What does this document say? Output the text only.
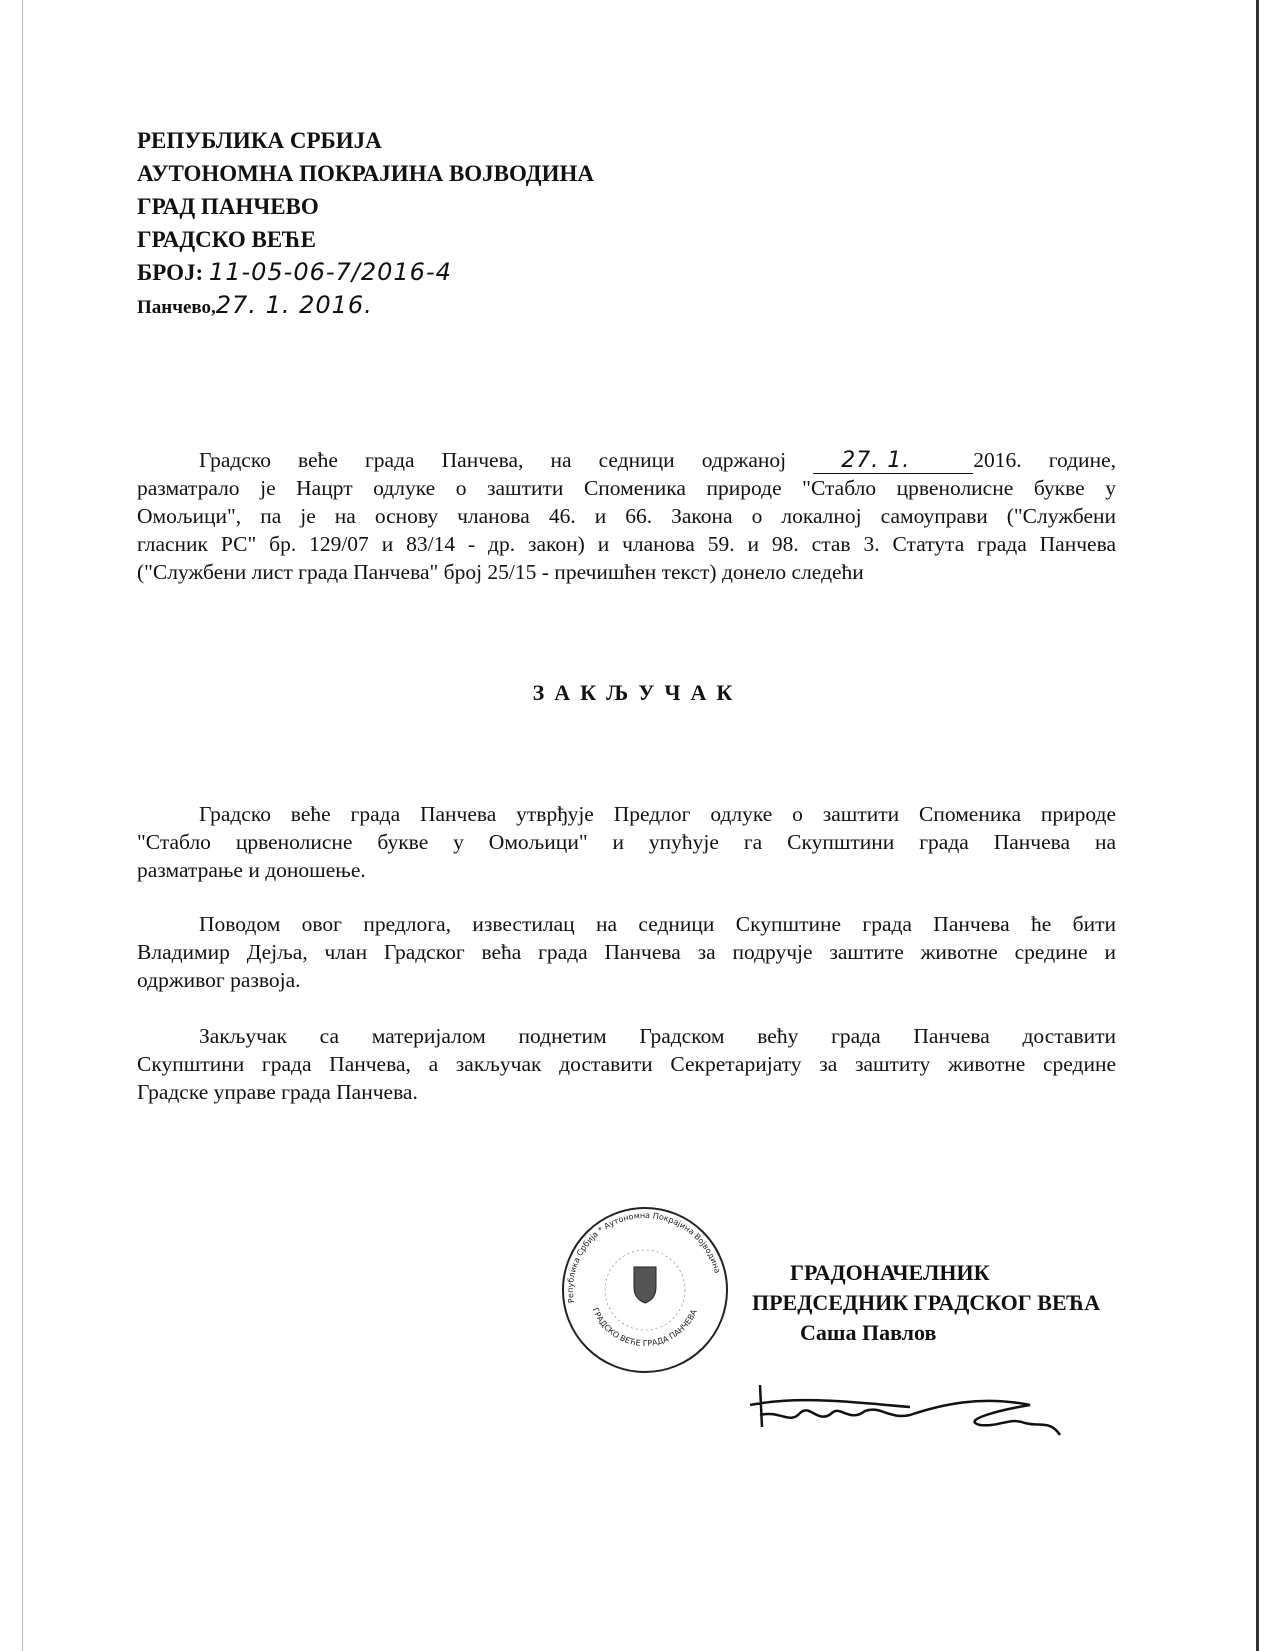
РЕПУБЛИКА СРБИЈА
АУТОНОМНА ПОКРАЈИНА ВОЈВОДИНА
ГРАД ПАНЧЕВО
ГРАДСКО ВЕЋЕ
БРОЈ: 11-05-06-7/2016-4
Панчево,27. 1. 2016.
Градско веће града Панчева, на седници одржаној	27. 1.	2016. године,
разматрало је Нацрт одлуке о заштити Споменика природе "Стабло црвенолисне букве у
Омољици", па је на основу чланова 46. и 66. Закона о локалној самоуправи ("Службени
гласник РС" бр. 129/07 и 83/14 - др. закон) и чланова 59. и 98. став 3. Статута града Панчева
("Службени лист града Панчева" број 25/15 - пречишћен текст) донело следећи
ЗАКЉУЧАК
Градско веће града Панчева утврђује Предлог одлуке о заштити Споменика природе
"Стабло црвенолисне букве у Омољици" и упућује га Скупштини града Панчева на
разматрање и доношење.
Поводом овог предлога, известилац на седници Скупштине града Панчева ће бити
Владимир Дејља, члан Градског већа града Панчева за подручје заштите животне средине и
одрживог развоја.
Закључак са материјалом поднетим Градском већу града Панчева доставити
Скупштини града Панчева, а закључак доставити Секретаријату за заштиту животне средине
Градске управе града Панчева.
Република Србија * Аутономна Покрајина Војводина
ГРАДСКО ВЕЋЕ ГРАДА ПАНЧЕВА
ГРАДОНАЧЕЛНИК
ПРЕДСЕДНИК ГРАДСКОГ ВЕЋА
Саша Павлов
